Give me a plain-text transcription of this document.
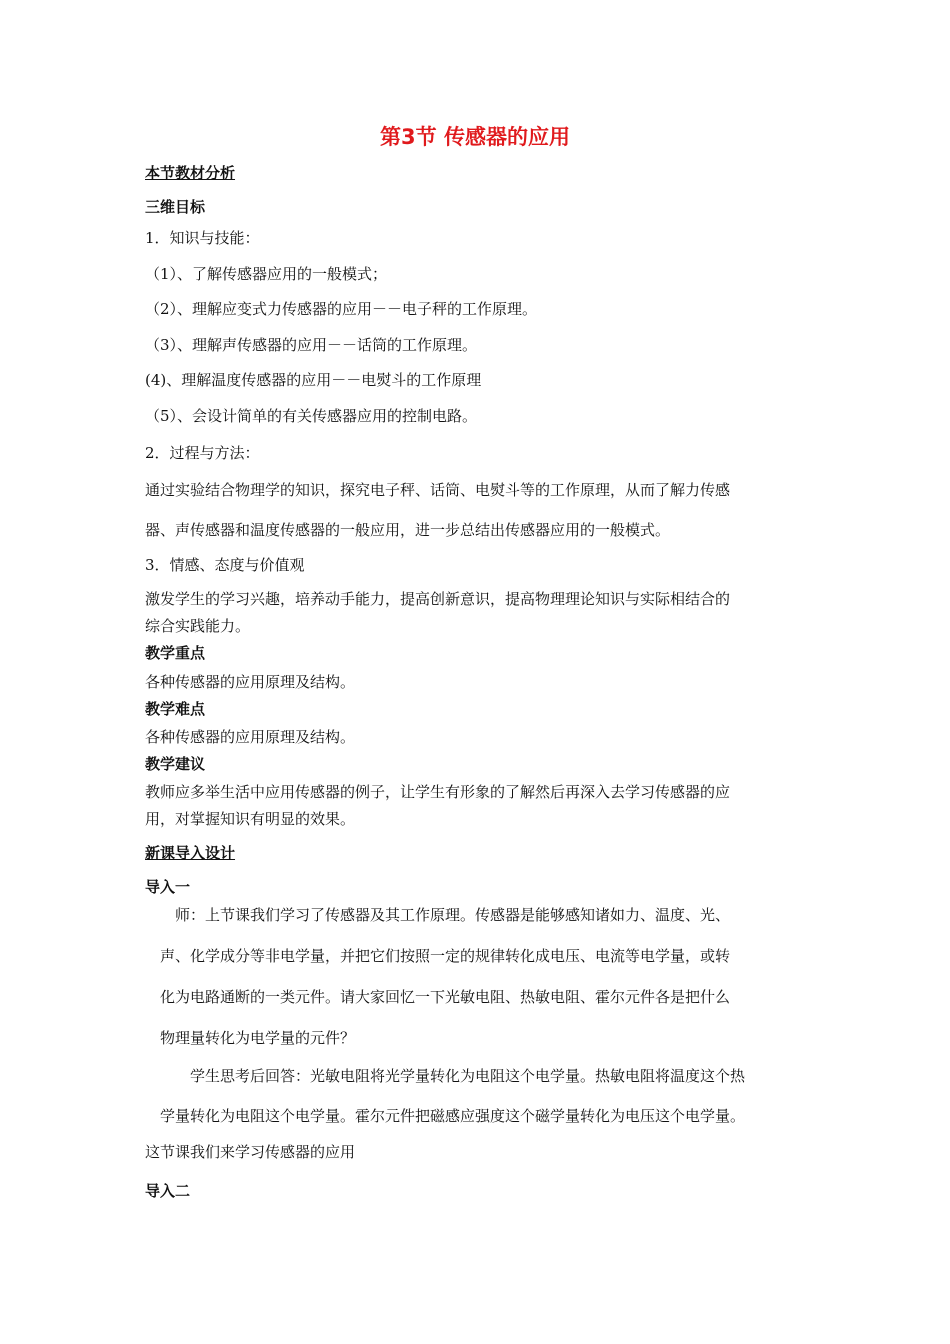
第3节 传感器的应用
本节教材分析
三维目标
1．知识与技能：
（1）、了解传感器应用的一般模式；
（2）、理解应变式力传感器的应用－－电子秤的工作原理。
（3）、理解声传感器的应用－－话筒的工作原理。
(4)、理解温度传感器的应用－－电熨斗的工作原理
（5）、会设计简单的有关传感器应用的控制电路。
2．过程与方法：
通过实验结合物理学的知识，探究电子秤、话筒、电熨斗等的工作原理，从而了解力传感
器、声传感器和温度传感器的一般应用，进一步总结出传感器应用的一般模式。
3．情感、态度与价值观
激发学生的学习兴趣，培养动手能力，提高创新意识，提高物理理论知识与实际相结合的
综合实践能力。
教学重点
各种传感器的应用原理及结构。
教学难点
各种传感器的应用原理及结构。
教学建议
教师应多举生活中应用传感器的例子，让学生有形象的了解然后再深入去学习传感器的应
用，对掌握知识有明显的效果。
新课导入设计
导入一
师：上节课我们学习了传感器及其工作原理。传感器是能够感知诸如力、温度、光、
声、化学成分等非电学量，并把它们按照一定的规律转化成电压、电流等电学量，或转
化为电路通断的一类元件。请大家回忆一下光敏电阻、热敏电阻、霍尔元件各是把什么
物理量转化为电学量的元件？
学生思考后回答：光敏电阻将光学量转化为电阻这个电学量。热敏电阻将温度这个热
学量转化为电阻这个电学量。霍尔元件把磁感应强度这个磁学量转化为电压这个电学量。
这节课我们来学习传感器的应用
导入二
